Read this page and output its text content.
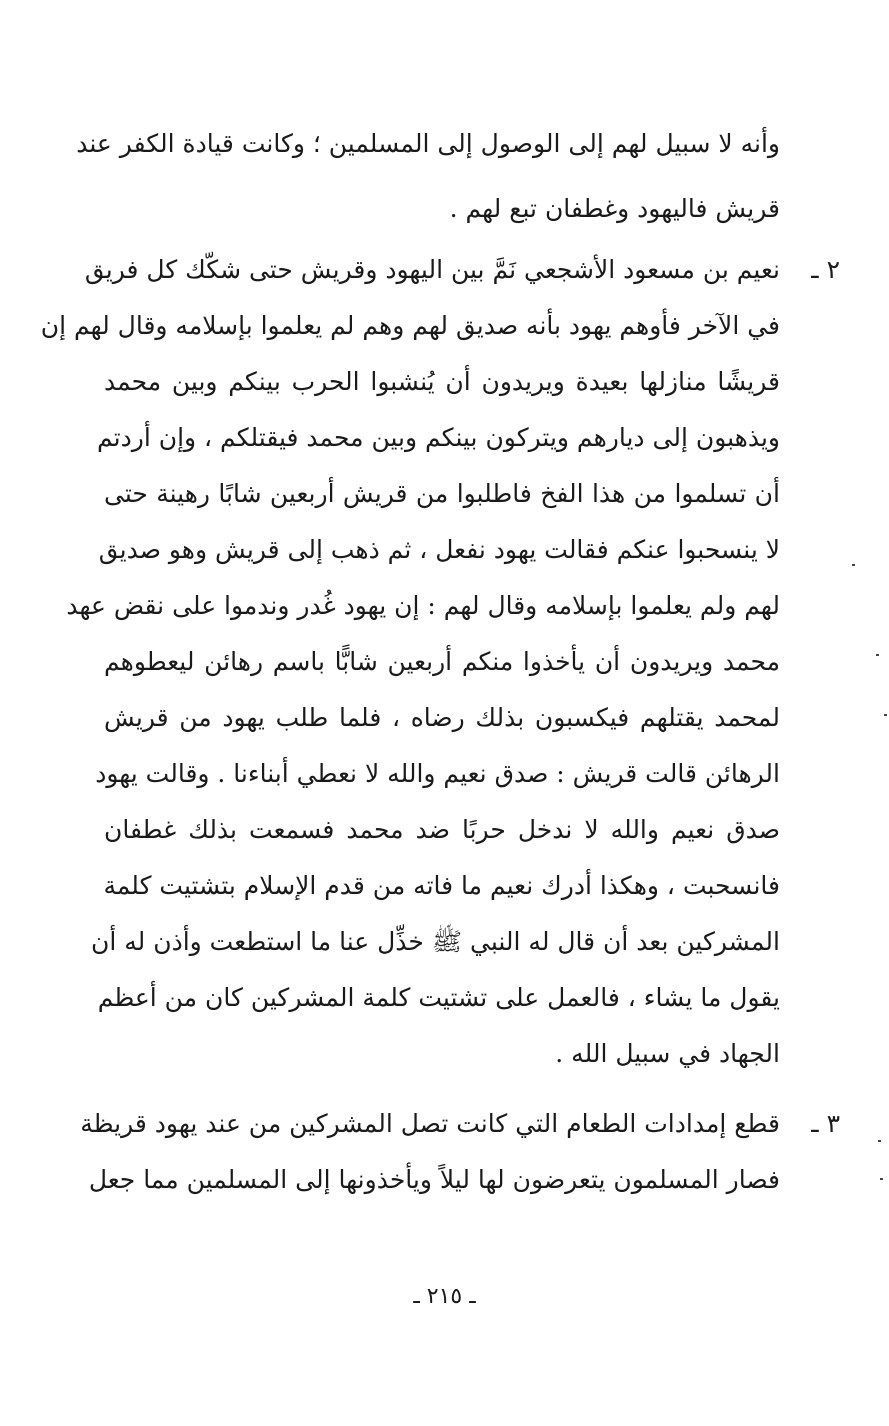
وأنه لا سبيل لهم إلى الوصول إلى المسلمين ؛ وكانت قيادة الكفر عند
قريش فاليهود وغطفان تبع لهم .
٢ ـ
نعيم بن مسعود الأشجعي نَمَّ بين اليهود وقريش حتى شكّك كل فريق
في الآخر فأوهم يهود بأنه صديق لهم وهم لم يعلموا بإسلامه وقال لهم إن
قريشًا منازلها بعيدة ويريدون أن يُنشبوا الحرب بينكم وبين محمد
ويذهبون إلى ديارهم ويتركون بينكم وبين محمد فيقتلكم ، وإن أردتم
أن تسلموا من هذا الفخ فاطلبوا من قريش أربعين شابًا رهينة حتى
لا ينسحبوا عنكم فقالت يهود نفعل ، ثم ذهب إلى قريش وهو صديق
لهم ولم يعلموا بإسلامه وقال لهم : إن يهود غُدر وندموا على نقض عهد
محمد ويريدون أن يأخذوا منكم أربعين شابًّا باسم رهائن ليعطوهم
لمحمد يقتلهم فيكسبون بذلك رضاه ، فلما طلب يهود من قريش
الرهائن قالت قريش : صدق نعيم والله لا نعطي أبناءنا . وقالت يهود
صدق نعيم والله لا ندخل حربًا ضد محمد فسمعت بذلك غطفان
فانسحبت ، وهكذا أدرك نعيم ما فاته من قدم الإسلام بتشتيت كلمة
المشركين بعد أن قال له النبي ﷺ خذِّل عنا ما استطعت وأذن له أن
يقول ما يشاء ، فالعمل على تشتيت كلمة المشركين كان من أعظم
الجهاد في سبيل الله .
٣ ـ
قطع إمدادات الطعام التي كانت تصل المشركين من عند يهود قريظة
فصار المسلمون يتعرضون لها ليلاً ويأخذونها إلى المسلمين مما جعل
ـ ٢١٥ ـ
